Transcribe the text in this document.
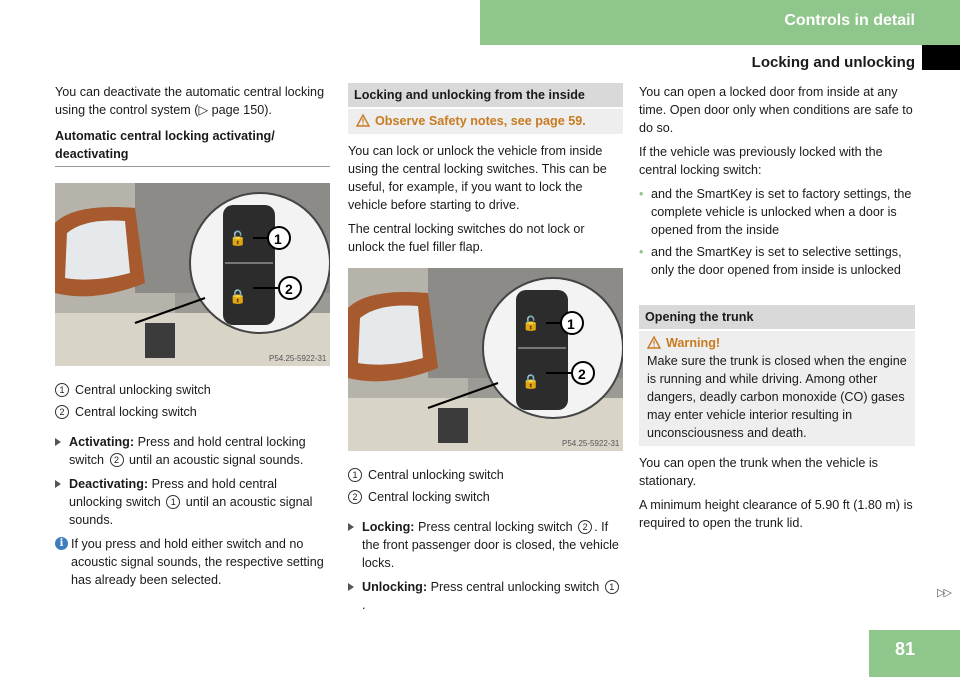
Controls in detail
Locking and unlocking

You can deactivate the automatic central locking using the control system (▷ page 150).

Automatic central locking activating/ deactivating

🔓
🔒
1
2
P54.25-5922-31

1 Central unlocking switch

2 Central locking switch

Activating: Press and hold central locking switch 2 until an acoustic signal sounds.
Deactivating: Press and hold central unlocking switch 1 until an acoustic signal sounds.
i If you press and hold either switch and no acoustic signal sounds, the respective setting has already been selected.
Locking and unlocking from the inside
Observe Safety notes, see page 59.

You can lock or unlock the vehicle from inside using the central locking switches. This can be useful, for example, if you want to lock the vehicle before starting to drive.

The central locking switches do not lock or unlock the fuel filler flap.

🔓
🔒
1
2
P54.25-5922-31

1 Central unlocking switch

2 Central locking switch

Locking: Press central locking switch 2 . If the front passenger door is closed, the vehicle locks.
Unlocking: Press central unlocking switch 1.

You can open a locked door from inside at any time. Open door only when conditions are safe to do so.

If the vehicle was previously locked with the central locking switch:

• and the SmartKey is set to factory settings, the complete vehicle is unlocked when a door is opened from the inside
• and the SmartKey is set to selective settings, only the door opened from inside is unlocked
Opening the trunk
Warning!
Make sure the trunk is closed when the engine is running and while driving. Among other dangers, deadly carbon monoxide (CO) gases may enter vehicle interior resulting in unconsciousness and death.

You can open the trunk when the vehicle is stationary.

A minimum height clearance of 5.90 ft (1.80 m) is required to open the trunk lid.

▷▷
81
